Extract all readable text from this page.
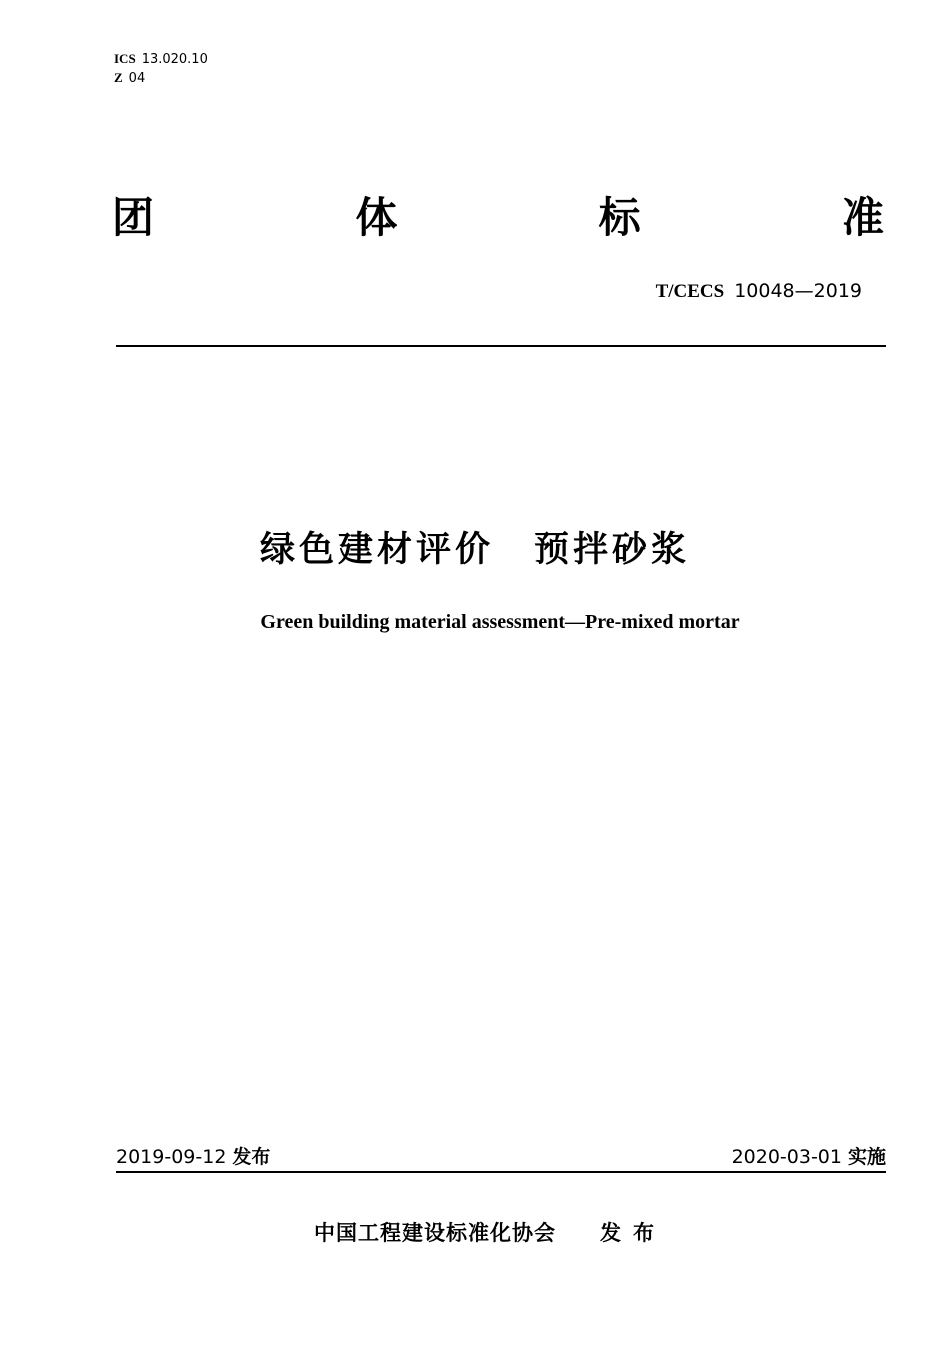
ICS 13.020.10
Z 04
团	体	标	准
T/CECS 10048—2019
绿色建材评价 预拌砂浆
Green building material assessment—Pre-mixed mortar
2019-09-12 发布	2020-03-01 实施
中国工程建设标准化协会 发布
